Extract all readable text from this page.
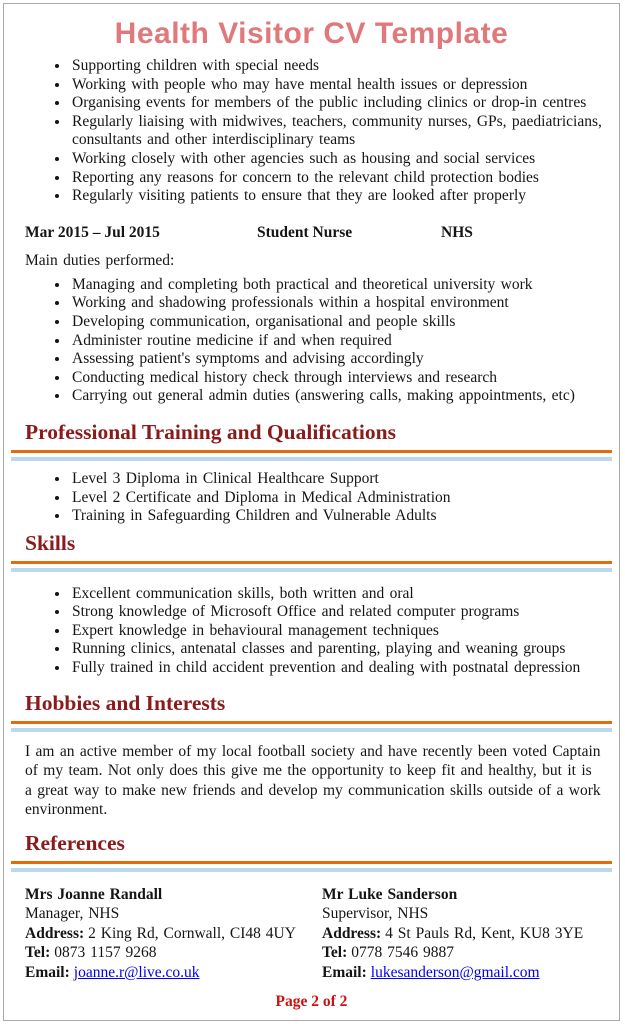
Health Visitor CV Template
• Supporting children with special needs
• Working with people who may have mental health issues or depression
• Organising events for members of the public including clinics or drop-in centres
• Regularly liaising with midwives, teachers, community nurses, GPs, paediatricians, consultants and other interdisciplinary teams
• Working closely with other agencies such as housing and social services
• Reporting any reasons for concern to the relevant child protection bodies
• Regularly visiting patients to ensure that they are looked after properly
Mar 2015 – Jul 2015	Student Nurse	NHS

Main duties performed:

• Managing and completing both practical and theoretical university work
• Working and shadowing professionals within a hospital environment
• Developing communication, organisational and people skills
• Administer routine medicine if and when required
• Assessing patient's symptoms and advising accordingly
• Conducting medical history check through interviews and research
• Carrying out general admin duties (answering calls, making appointments, etc)
Professional Training and Qualifications
• Level 3 Diploma in Clinical Healthcare Support
• Level 2 Certificate and Diploma in Medical Administration
• Training in Safeguarding Children and Vulnerable Adults
Skills
• Excellent communication skills, both written and oral
• Strong knowledge of Microsoft Office and related computer programs
• Expert knowledge in behavioural management techniques
• Running clinics, antenatal classes and parenting, playing and weaning groups
• Fully trained in child accident prevention and dealing with postnatal depression
Hobbies and Interests

I am an active member of my local football society and have recently been voted Captain of my team. Not only does this give me the opportunity to keep fit and healthy, but it is a great way to make new friends and develop my communication skills outside of a work environment.

References

Mrs Joanne Randall

Manager, NHS

Address: 2 King Rd, Cornwall, CI48 4UY

Tel: 0873 1157 9268

Email: joanne.r@live.co.uk

Mr Luke Sanderson

Supervisor, NHS

Address: 4 St Pauls Rd, Kent, KU8 3YE

Tel: 0778 7546 9887

Email: lukesanderson@gmail.com

Page 2 of 2
